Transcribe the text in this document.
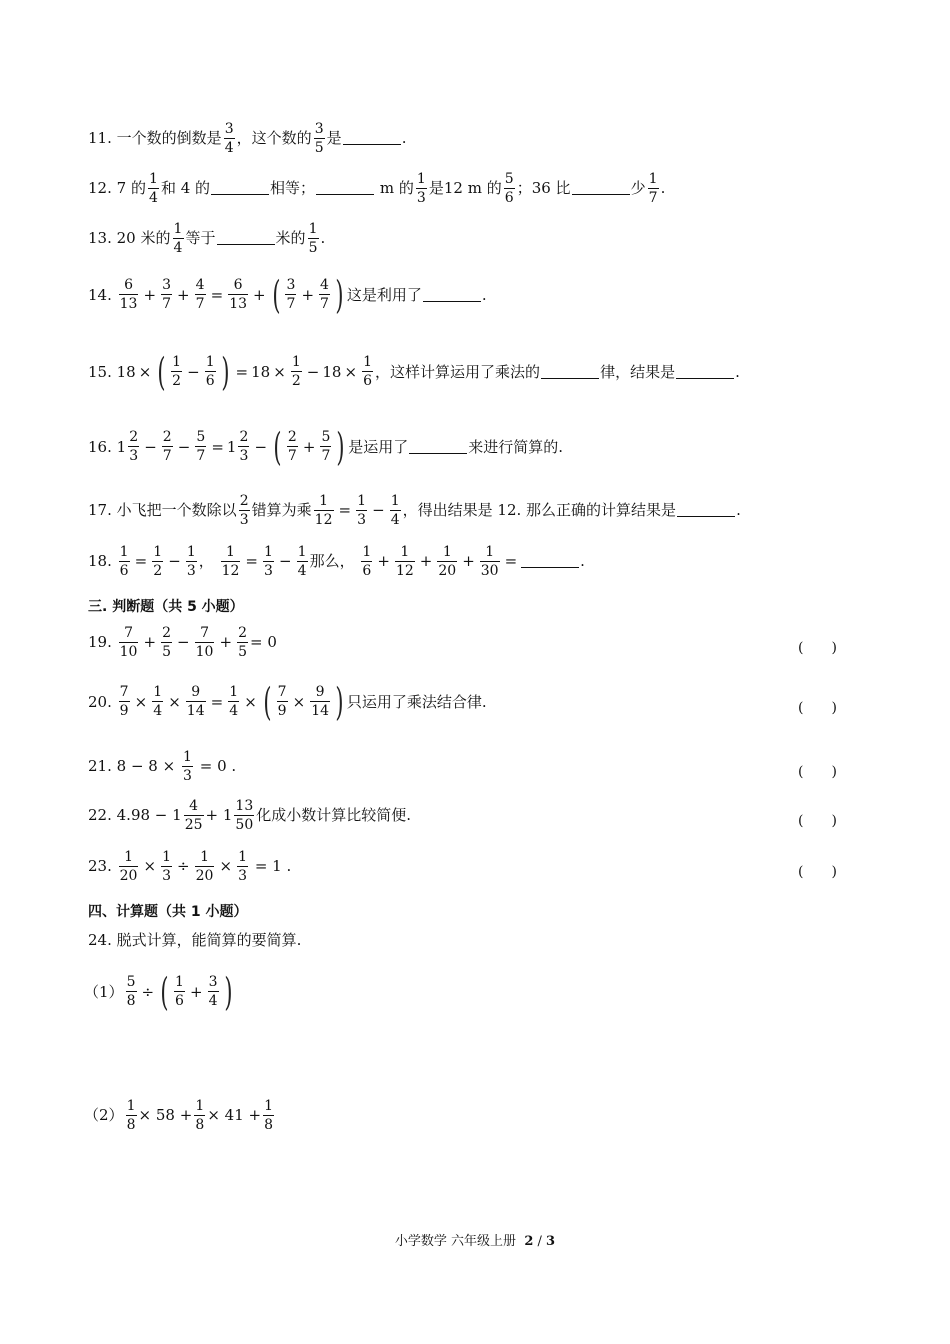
11.
一个数的倒数是
3
4
，这个数的
3
5
是	.
12.
7 的
1
4
和 4 的	相等；
	m 的
1
3
是12 m 的
5
6
；36 比	少
1
7
.
13.
20 米的
1
4
等于	米的
1
5
.
14.

6
13
+ $\frac{3}{7} + \frac{4}{7} = \frac{6}{13}$ + ( 3
7
+ $\frac{4}{7}$ ) 这是利用了	.
15.
18 × ( 1
2
− $\frac{1}{6}$ ) = $18 \times \frac{1}{2} - 18 \times \frac{1}{6}$ ，这样计算运用了乘法的	律，结果是	.
16.
1
2
3
− $\frac{2}{7} - \frac{5}{7} = 1$
2
3
− ( 2
7
+ $\frac{5}{7}$ ) 是运用了	来进行简算的.
17.
小飞把一个数除以
2
3
错算为乘 $\frac{1}{12} = \frac{1}{3} - \frac{1}{4}$ ，得出结果是 12. 那么正确的计算结果是	.
18.
$\frac{1}{6} = \frac{1}{2} - \frac{1}{3}$ ，
$\frac{1}{12} = \frac{1}{3} - \frac{1}{4}$ 那么，

1
6
+ $\frac{1}{12} + \frac{1}{20} + \frac{1}{30}$ =	.
三. 判断题（共 5 小题）
19.

7
10
+ $\frac{2}{5} - \frac{7}{10} + \frac{2}{5} = 0$	(　　)
20.
$\frac{7}{9} \times \frac{1}{4} \times \frac{9}{14} = \frac{1}{4}$ × ( $\frac{7}{9} \times \frac{9}{14}$ ) 只运用了乘法结合律.	(　　)
21.
8 − 8 ×
$\frac{1}{3}$
= 0 .	(　　)
22.
4.98 − 1
4
25
+ 1
13
50
化成小数计算比较简便.	(　　)
23.
$\frac{1}{20} \times \frac{1}{3} \div \frac{1}{20} \times \frac{1}{3}$
= 1 .	(　　)
四、计算题（共 1 小题）
24.
脱式计算，能简算的要简算.
$(1) \frac{5}{8}$ ÷ ( 1
6
+ $\frac{3}{4}$ )
$(2) \frac{1}{8} \times 58 + \frac{1}{8} \times 41 + \frac{1}{8}$
小学数学 六年级上册 2 / 3
